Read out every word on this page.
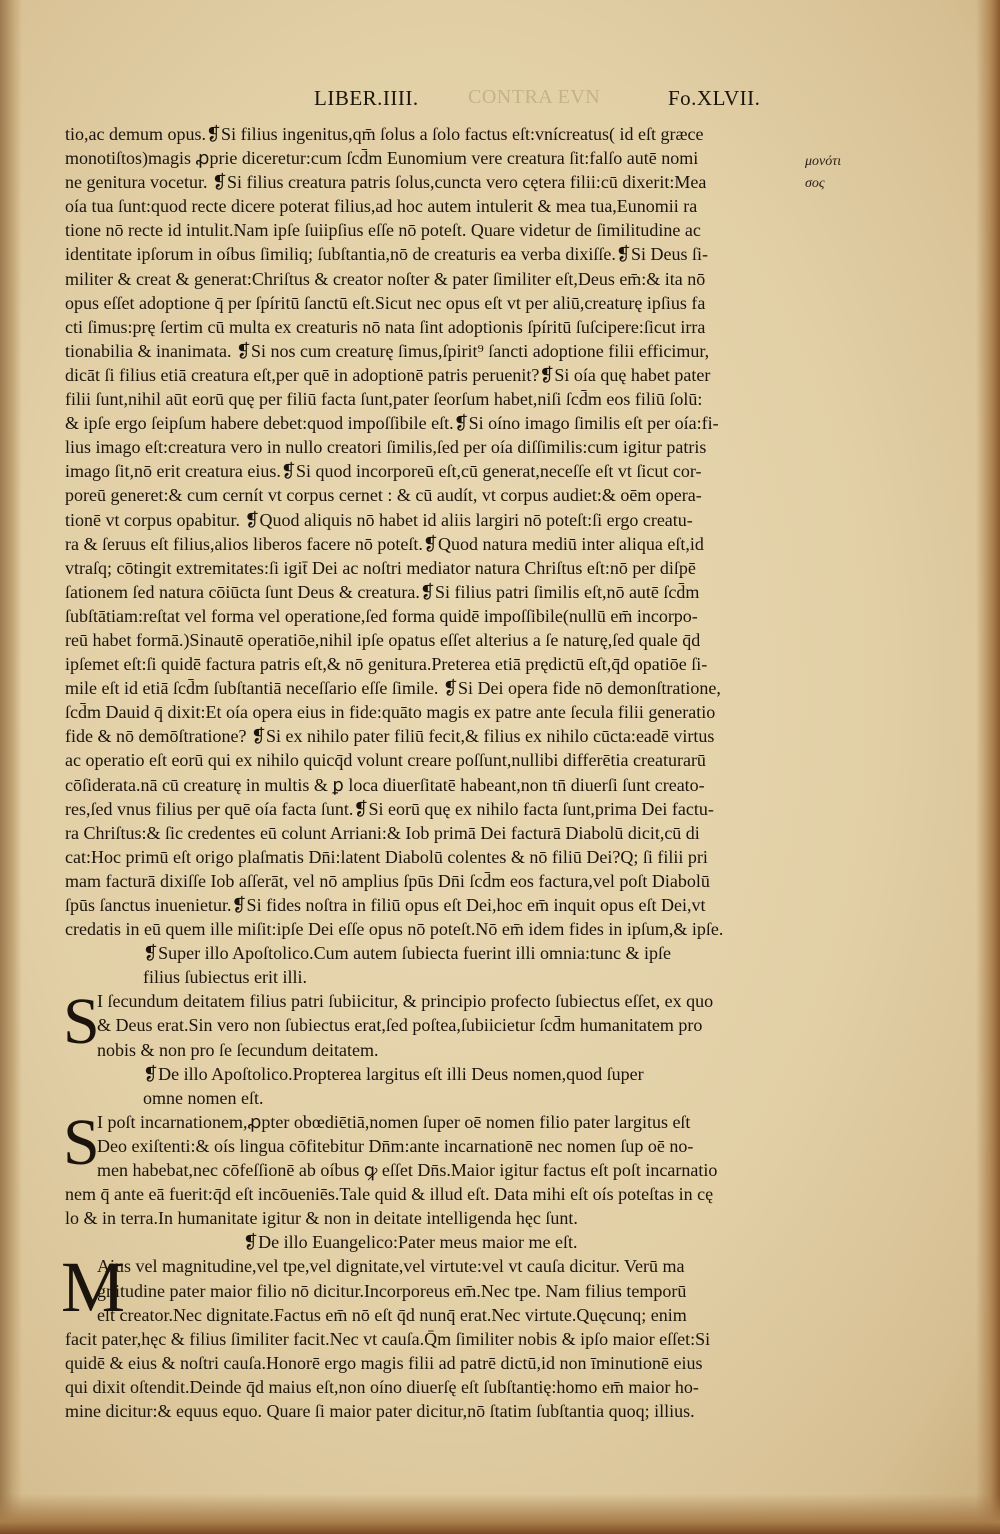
LIBER.IIII. CONTRA EVN	Fo.XLVII.
μονότι
σος
tio,ac demum opus.❡Si filius ingenitus,qm̄ ſolus a ſolo factus eſt:vnícreatus( id eſt græce
monotiſtos)magis ꝓprie diceretur:cum ſcd̄m Eunomium vere creatura ſit:falſo autē nomi
ne genitura vocetur. ❡Si filius creatura patris ſolus,cuncta vero cętera filii:cū dixerit:Mea
oía tua ſunt:quod recte dicere poterat filius,ad hoc autem intulerit & mea tua,Eunomii ra
tione nō recte id intulit.Nam ipſe ſuiipſius eſſe nō poteſt. Quare videtur de ſimilitudine ac
identitate ipſorum in oíbus ſimiliq; ſubſtantia,nō de creaturis ea verba dixiſſe.❡Si Deus ſi-
militer & creat & generat:Chriſtus & creator noſter & pater ſimiliter eſt,Deus em̄:& ita nō
opus eſſet adoptione q̄ per ſpíritū ſanctū eſt.Sicut nec opus eſt vt per aliū,creaturę ipſius fa
cti ſimus:prę ſertim cū multa ex creaturis nō nata ſint adoptionis ſpíritū ſuſcipere:ſicut irra
tionabilia & inanimata. ❡Si nos cum creaturę ſimus,ſpirit⁹ ſancti adoptione filii efficimur,
dicāt ſi filius etiā creatura eſt,per quē in adoptionē patris peruenit?❡Si oía quę habet pater
filii ſunt,nihil aūt eorū quę per filiū facta ſunt,pater ſeorſum habet,niſi ſcd̄m eos filiū ſolū:
& ipſe ergo ſeipſum habere debet:quod impoſſibile eſt.❡Si oíno imago ſimilis eſt per oía:fi-
lius imago eſt:creatura vero in nullo creatori ſimilis,ſed per oía diſſimilis:cum igitur patris
imago ſit,nō erit creatura eius.❡Si quod incorporeū eſt,cū generat,neceſſe eſt vt ſicut cor-
poreū generet:& cum cernít vt corpus cernet : & cū audít, vt corpus audiet:& oēm opera-
tionē vt corpus opabitur. ❡Quod aliquis nō habet id aliis largiri nō poteſt:ſi ergo creatu-
ra & ſeruus eſt filius,alios liberos facere nō poteſt.❡Quod natura mediū inter aliqua eſt,id
vtraſq; cōtingit extremitates:ſi igit̄ Dei ac noſtri mediator natura Chriſtus eſt:nō per diſpē
ſationem ſed natura cōiūcta ſunt Deus & creatura.❡Si filius patri ſimilis eſt,nō autē ſcd̄m
ſubſtātiam:reſtat vel forma vel operatione,ſed forma quidē impoſſibile(nullū em̄ incorpo-
reū habet formā.)Sinautē operatiōe,nihil ipſe opatus eſſet alterius a ſe naturę,ſed quale q̄d
ipſemet eſt:ſi quidē factura patris eſt,& nō genitura.Preterea etiā prędictū eſt,q̄d opatiōe ſi-
mile eſt id etiā ſcd̄m ſubſtantiā neceſſario eſſe ſimile. ❡Si Dei opera fide nō demonſtratione,
ſcd̄m Dauid q̄ dixit:Et oía opera eius in fide:quāto magis ex patre ante ſecula filii generatio
fide & nō demōſtratione? ❡Si ex nihilo pater filiū fecit,& filius ex nihilo cūcta:eadē virtus
ac operatio eſt eorū qui ex nihilo quicq̄d volunt creare poſſunt,nullibi differētia creaturarū
cōſiderata.nā cū creaturę in multis & ꝑ loca diuerſitatē habeant,non tn̄ diuerſi ſunt creato-
res,ſed vnus filius per quē oía facta ſunt.❡Si eorū quę ex nihilo facta ſunt,prima Dei factu-
ra Chriſtus:& ſic credentes eū colunt Arriani:& Iob primā Dei facturā Diabolū dicit,cū di
cat:Hoc primū eſt origo plaſmatis Dn̄i:latent Diabolū colentes & nō filiū Dei?Q; ſi filii pri
mam facturā dixiſſe Iob aſſerāt, vel nō amplius ſpūs Dn̄i ſcd̄m eos factura,vel poſt Diabolū
ſpūs ſanctus inuenietur.❡Si fides noſtra in filiū opus eſt Dei,hoc em̄ inquit opus eſt Dei,vt
credatis in eū quem ille miſit:ipſe Dei eſſe opus nō poteſt.Nō em̄ idem fides in ipſum,& ipſe.
❡Super illo Apoſtolico.Cum autem ſubiecta fuerint illi omnia:tunc & ipſe
filius ſubiectus erit illi.
S
I ſecundum deitatem filius patri ſubiicitur, & principio profecto ſubiectus eſſet, ex quo
& Deus erat.Sin vero non ſubiectus erat,ſed poſtea,ſubiicietur ſcd̄m humanitatem pro
nobis & non pro ſe ſecundum deitatem.
❡De illo Apoſtolico.Propterea largitus eſt illi Deus nomen,quod ſuper
omne nomen eſt.
S
I poſt incarnationem,ꝓpter obœdiētiā,nomen ſuper oē nomen filio pater largitus eſt
Deo exiſtenti:& oís lingua cōfitebitur Dn̄m:ante incarnationē nec nomen ſup oē no-
men habebat,nec cōfeſſionē ab oíbus ꝙ eſſet Dn̄s.Maior igitur factus eſt poſt incarnatio
nem q̄ ante eā fuerit:q̄d eſt incōueniēs.Tale quid & illud eſt. Data mihi eſt oís poteſtas in cę
lo & in terra.In humanitate igitur & non in deitate intelligenda hęc ſunt.
❡De illo Euangelico:Pater meus maior me eſt.
M
Aius vel magnitudine,vel tpe,vel dignitate,vel virtute:vel vt cauſa dicitur. Verū ma
gnitudine pater maior filio nō dicitur.Incorporeus em̄.Nec tpe. Nam filius temporū
eſt creator.Nec dignitate.Factus em̄ nō eſt q̄d nunq̄ erat.Nec virtute.Quęcunq; enim
facit pater,hęc & filius ſimiliter facit.Nec vt cauſa.Q̄m ſimiliter nobis & ipſo maior eſſet:Si
quidē & eius & noſtri cauſa.Honorē ergo magis filii ad patrē dictū,id non īminutionē eius
qui dixit oſtendit.Deinde q̄d maius eſt,non oíno diuerſę eſt ſubſtantię:homo em̄ maior ho-
mine dicitur:& equus equo. Quare ſi maior pater dicitur,nō ſtatim ſubſtantia quoq; illius.
